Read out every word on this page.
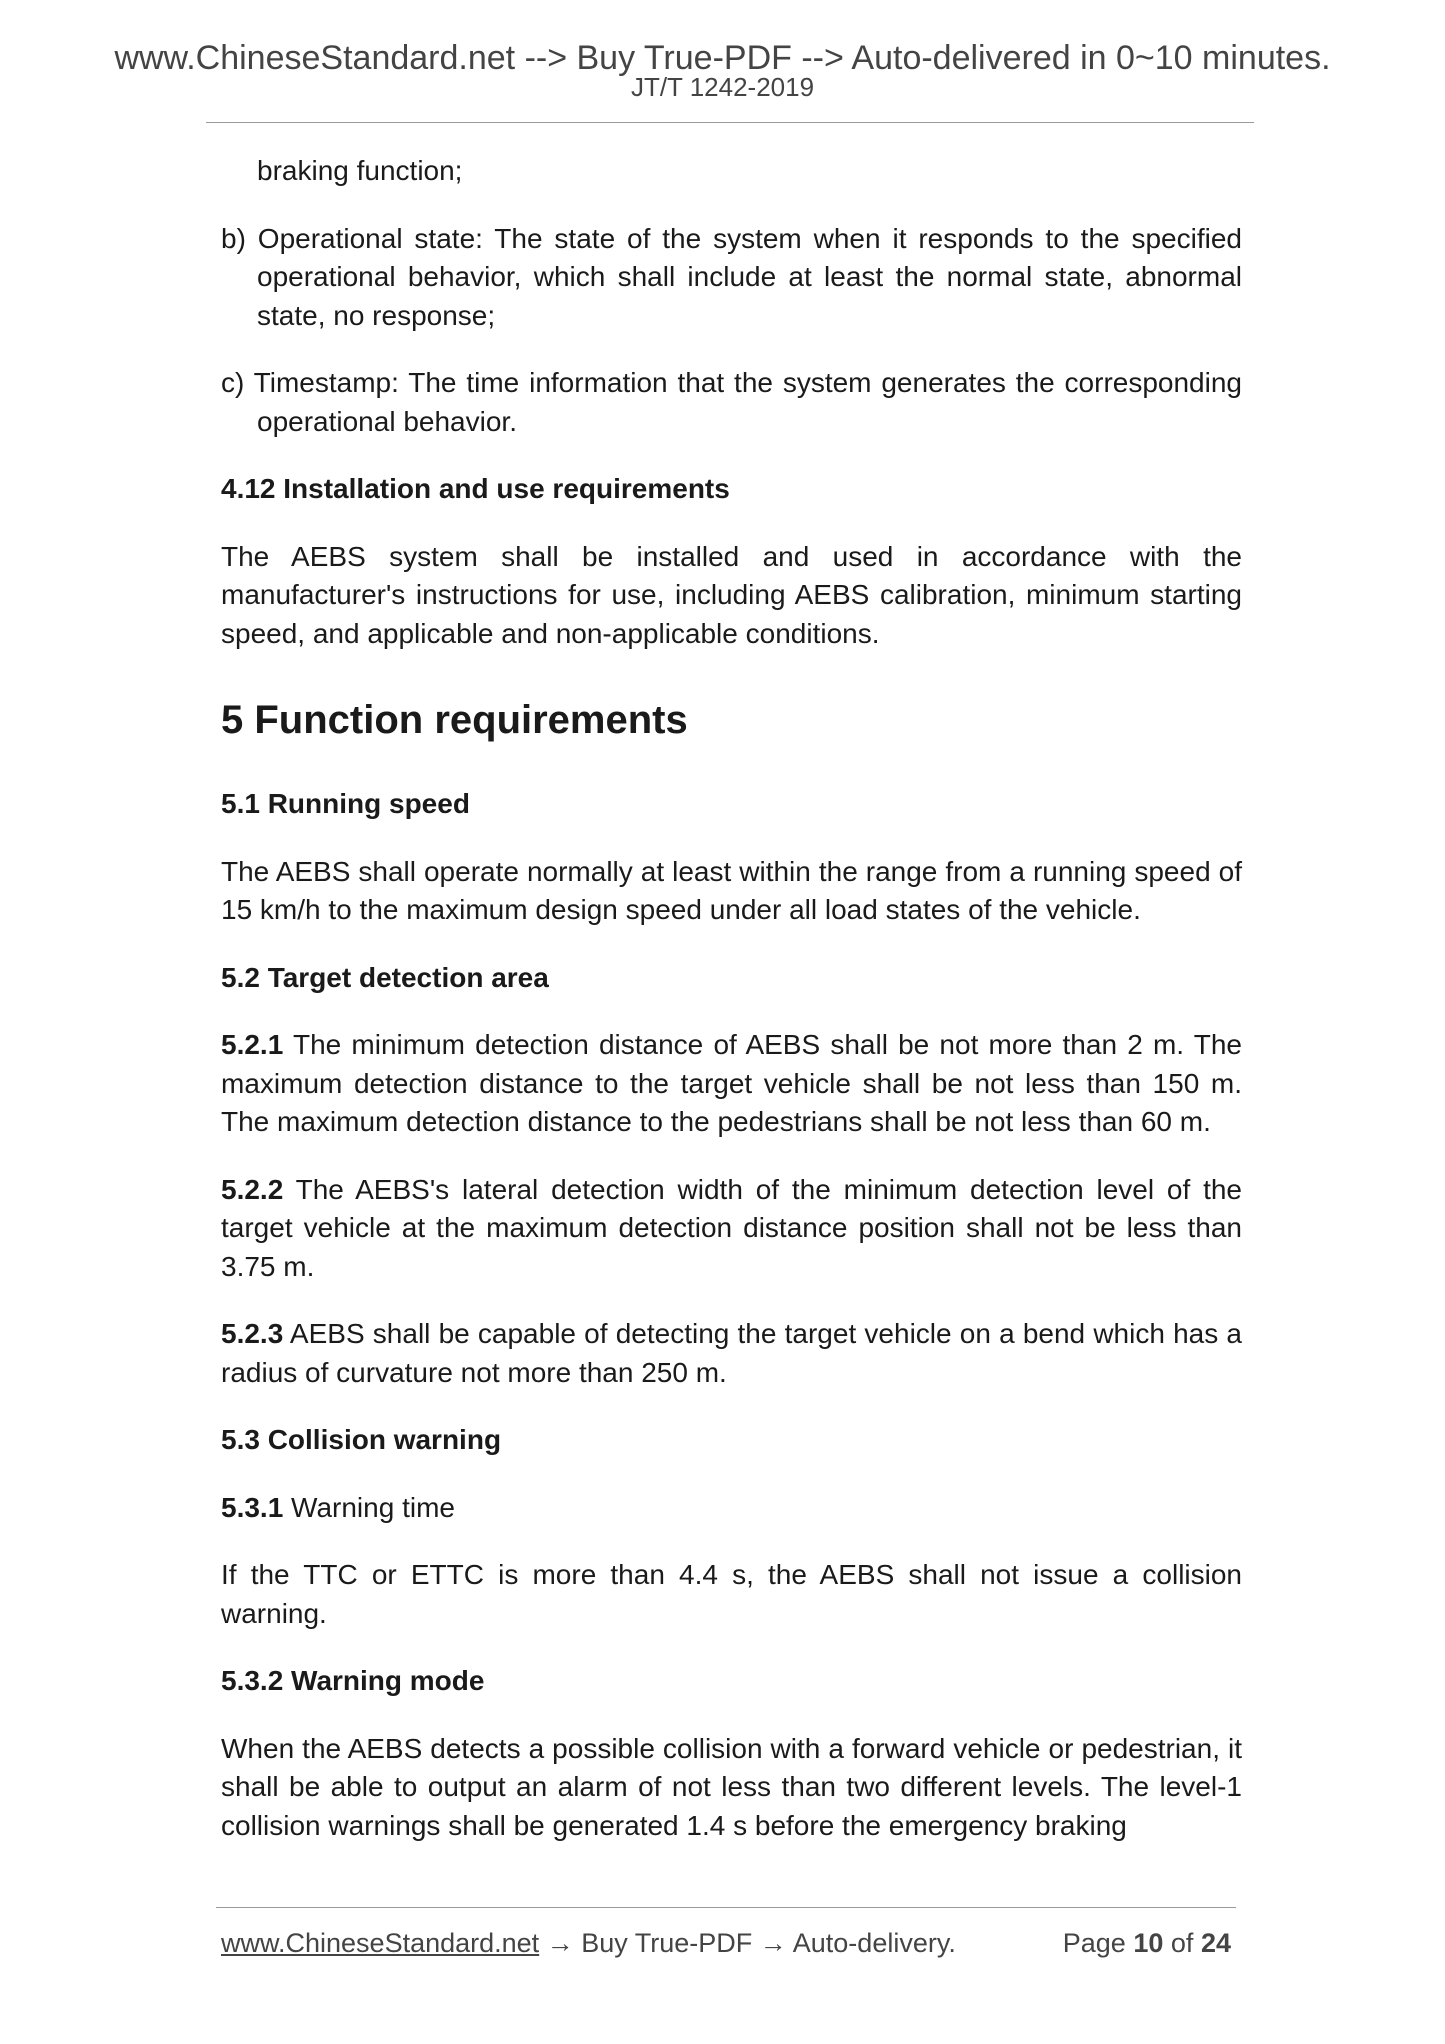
www.ChineseStandard.net --> Buy True-PDF --> Auto-delivered in 0~10 minutes.
JT/T 1242-2019

braking function;

b) Operational state: The state of the system when it responds to the specified operational behavior, which shall include at least the normal state, abnormal state, no response;

c) Timestamp: The time information that the system generates the corresponding operational behavior.

4.12 Installation and use requirements

The AEBS system shall be installed and used in accordance with the manufacturer's instructions for use, including AEBS calibration, minimum starting speed, and applicable and non-applicable conditions.

5 Function requirements

5.1 Running speed

The AEBS shall operate normally at least within the range from a running speed of 15 km/h to the maximum design speed under all load states of the vehicle.

5.2 Target detection area

5.2.1 The minimum detection distance of AEBS shall be not more than 2 m. The maximum detection distance to the target vehicle shall be not less than 150 m. The maximum detection distance to the pedestrians shall be not less than 60 m.

5.2.2 The AEBS's lateral detection width of the minimum detection level of the target vehicle at the maximum detection distance position shall not be less than 3.75 m.

5.2.3 AEBS shall be capable of detecting the target vehicle on a bend which has a radius of curvature not more than 250 m.

5.3 Collision warning

5.3.1 Warning time

If the TTC or ETTC is more than 4.4 s, the AEBS shall not issue a collision warning.

5.3.2 Warning mode

When the AEBS detects a possible collision with a forward vehicle or pedestrian, it shall be able to output an alarm of not less than two different levels. The level-1 collision warnings shall be generated 1.4 s before the emergency braking

www.ChineseStandard.net → Buy True-PDF → Auto-delivery.	Page 10 of 24
